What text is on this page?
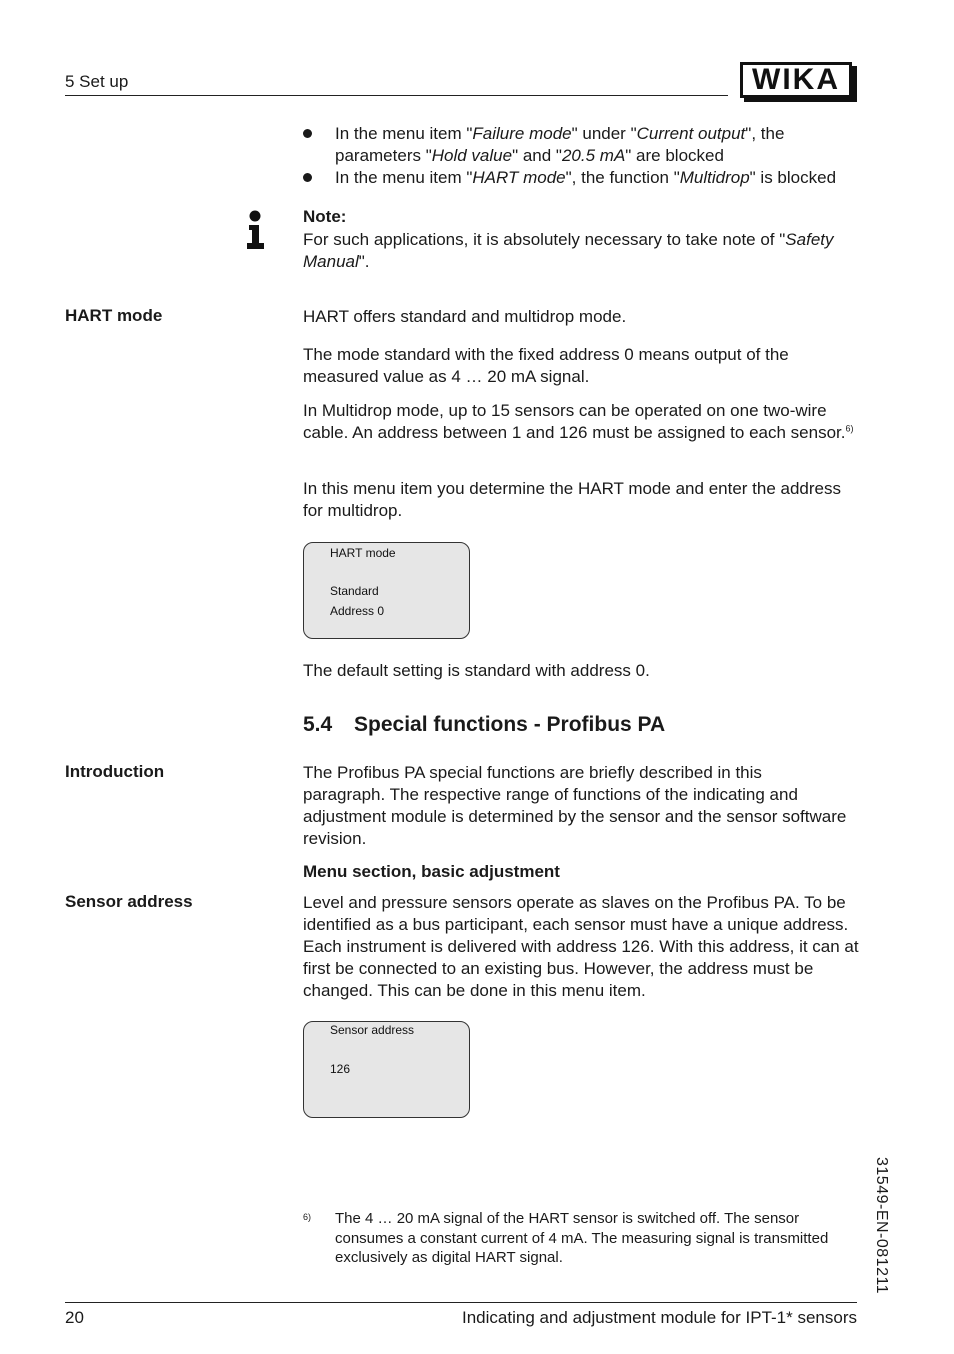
5 Set up	WIKA
In the menu item "Failure mode" under "Current output", the parameters "Hold value" and "20.5 mA" are blocked
In the menu item "HART mode", the function "Multidrop" is blocked
Note:
For such applications, it is absolutely necessary to take note of "Safety Manual".
HART mode	HART offers standard and multidrop mode.
The mode standard with the fixed address 0 means output of the measured value as 4 … 20 mA signal.
In Multidrop mode, up to 15 sensors can be operated on one two-wire cable. An address between 1 and 126 must be assigned to each sensor.$^{6)}$
In this menu item you determine the HART mode and enter the address for multidrop.
HART mode
Standard
Address 0
The default setting is standard with address 0.
5.4 Special functions - Profibus PA
Introduction	The Profibus PA special functions are briefly described in this paragraph. The respective range of functions of the indicating and adjustment module is determined by the sensor and the sensor software revision.
Menu section, basic adjustment
Sensor address	Level and pressure sensors operate as slaves on the Profibus PA. To be identified as a bus participant, each sensor must have a unique address. Each instrument is delivered with address 126. With this address, it can at first be connected to an existing bus. However, the address must be changed. This can be done in this menu item.
Sensor address
126
6) The 4 … 20 mA signal of the HART sensor is switched off. The sensor consumes a constant current of 4 mA. The measuring signal is transmitted exclusively as digital HART signal.	31549-EN-081211
20	Indicating and adjustment module for IPT-1* sensors
